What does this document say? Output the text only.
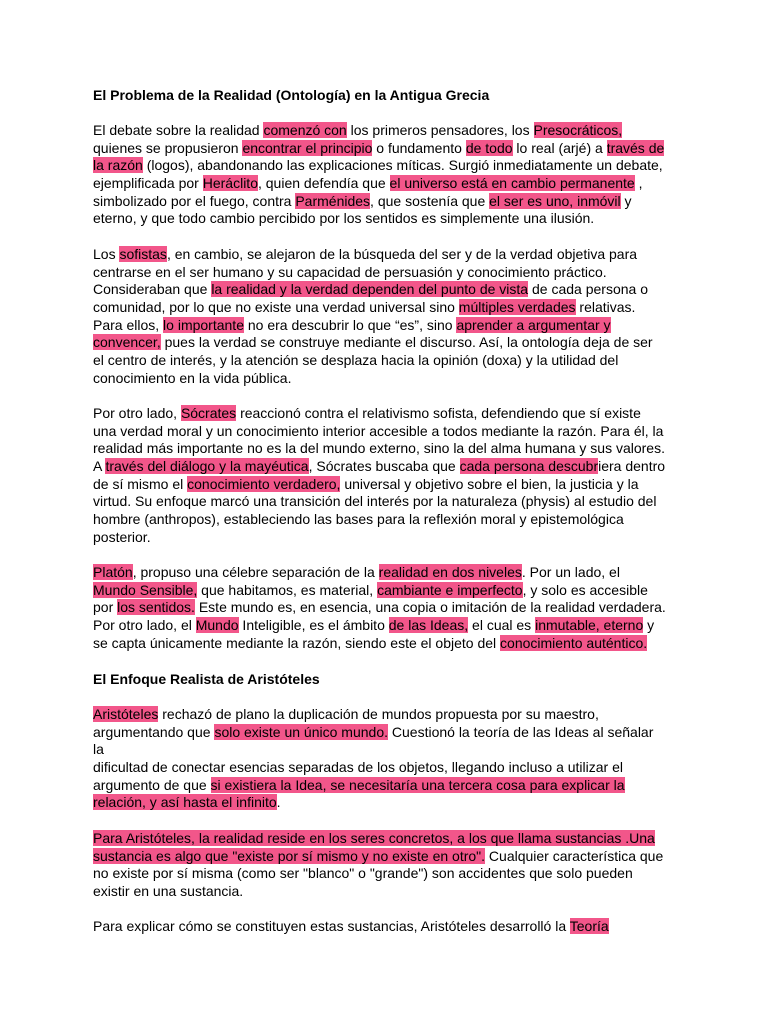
El Problema de la Realidad (Ontología) en la Antigua Grecia
El debate sobre la realidad comenzó con los primeros pensadores, los Presocráticos,
quienes se propusieron encontrar el principio o fundamento de todo lo real (arjé) a través de
la razón (logos), abandonando las explicaciones míticas. Surgió inmediatamente un debate,
ejemplificada por Heráclito, quien defendía que el universo está en cambio permanente ,
simbolizado por el fuego, contra Parménides, que sostenía que el ser es uno, inmóvil y
eterno, y que todo cambio percibido por los sentidos es simplemente una ilusión.
Los sofistas, en cambio, se alejaron de la búsqueda del ser y de la verdad objetiva para
centrarse en el ser humano y su capacidad de persuasión y conocimiento práctico.
Consideraban que la realidad y la verdad dependen del punto de vista de cada persona o
comunidad, por lo que no existe una verdad universal sino múltiples verdades relativas.
Para ellos, lo importante no era descubrir lo que “es”, sino aprender a argumentar y
convencer, pues la verdad se construye mediante el discurso. Así, la ontología deja de ser
el centro de interés, y la atención se desplaza hacia la opinión (doxa) y la utilidad del
conocimiento en la vida pública.
Por otro lado, Sócrates reaccionó contra el relativismo sofista, defendiendo que sí existe
una verdad moral y un conocimiento interior accesible a todos mediante la razón. Para él, la
realidad más importante no es la del mundo externo, sino la del alma humana y sus valores.
A través del diálogo y la mayéutica, Sócrates buscaba que cada persona descubriera dentro
de sí mismo el conocimiento verdadero, universal y objetivo sobre el bien, la justicia y la
virtud. Su enfoque marcó una transición del interés por la naturaleza (physis) al estudio del
hombre (anthropos), estableciendo las bases para la reflexión moral y epistemológica
posterior.
Platón, propuso una célebre separación de la realidad en dos niveles. Por un lado, el
Mundo Sensible, que habitamos, es material, cambiante e imperfecto, y solo es accesible
por los sentidos. Este mundo es, en esencia, una copia o imitación de la realidad verdadera.
Por otro lado, el Mundo Inteligible, es el ámbito de las Ideas, el cual es inmutable, eterno y
se capta únicamente mediante la razón, siendo este el objeto del conocimiento auténtico.
El Enfoque Realista de Aristóteles
Aristóteles rechazó de plano la duplicación de mundos propuesta por su maestro,
argumentando que solo existe un único mundo. Cuestionó la teoría de las Ideas al señalar
la
dificultad de conectar esencias separadas de los objetos, llegando incluso a utilizar el
argumento de que si existiera la Idea, se necesitaría una tercera cosa para explicar la
relación, y así hasta el infinito.
Para Aristóteles, la realidad reside en los seres concretos, a los que llama sustancias .Una
sustancia es algo que "existe por sí mismo y no existe en otro". Cualquier característica que
no existe por sí misma (como ser "blanco" o "grande") son accidentes que solo pueden
existir en una sustancia.
Para explicar cómo se constituyen estas sustancias, Aristóteles desarrolló la Teoría
